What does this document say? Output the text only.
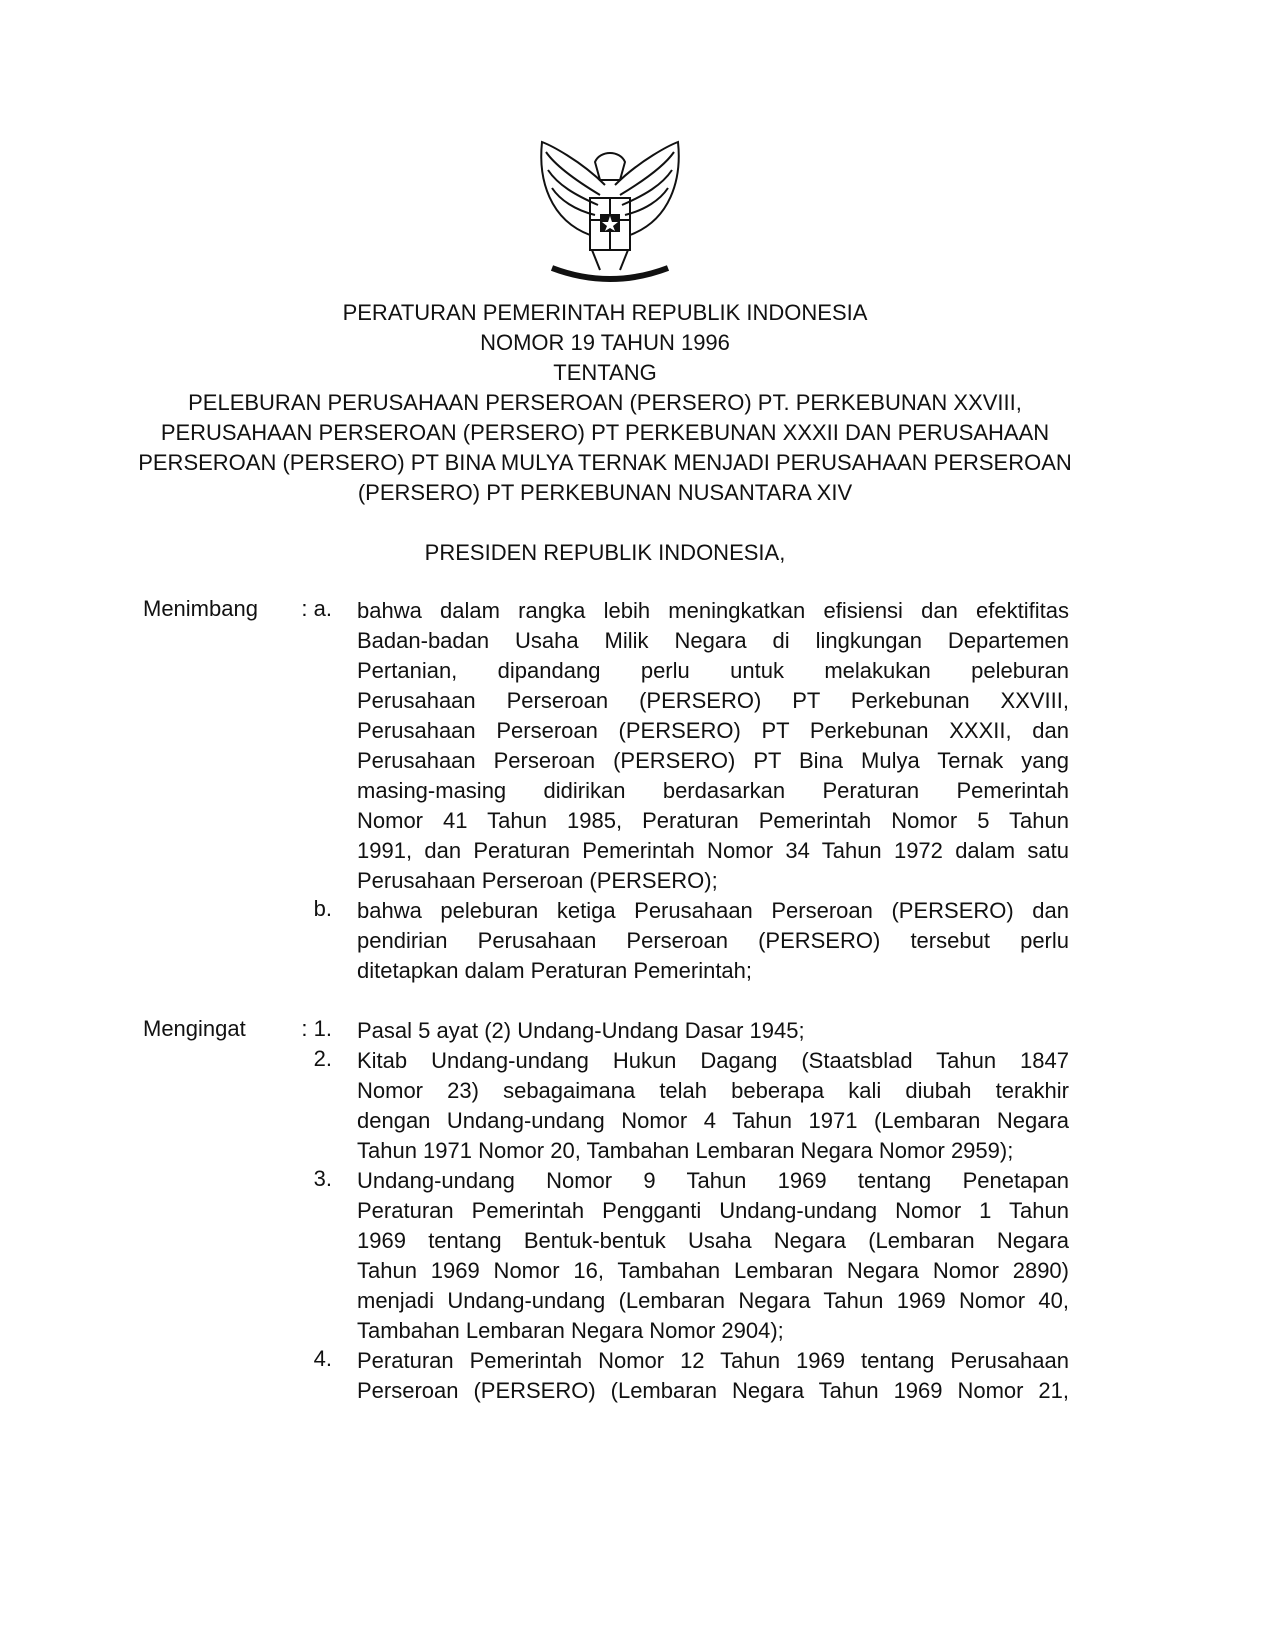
PERATURAN PEMERINTAH REPUBLIK INDONESIA
NOMOR 19 TAHUN 1996
TENTANG
PELEBURAN PERUSAHAAN PERSEROAN (PERSERO) PT. PERKEBUNAN XXVIII,
PERUSAHAAN PERSEROAN (PERSERO) PT PERKEBUNAN XXXII DAN PERUSAHAAN
PERSEROAN (PERSERO) PT BINA MULYA TERNAK MENJADI PERUSAHAAN PERSEROAN
(PERSERO) PT PERKEBUNAN NUSANTARA XIV
PRESIDEN REPUBLIK INDONESIA,
Menimbang	: a. bahwa dalam rangka lebih meningkatkan efisiensi dan efektifitas
Badan-badan Usaha Milik Negara di lingkungan Departemen
Pertanian, dipandang perlu untuk melakukan peleburan
Perusahaan Perseroan (PERSERO) PT Perkebunan XXVIII,
Perusahaan Perseroan (PERSERO) PT Perkebunan XXXII, dan
Perusahaan Perseroan (PERSERO) PT Bina Mulya Ternak yang
masing-masing didirikan berdasarkan Peraturan Pemerintah
Nomor 41 Tahun 1985, Peraturan Pemerintah Nomor 5 Tahun
1991, dan Peraturan Pemerintah Nomor 34 Tahun 1972 dalam satu
Perusahaan Perseroan (PERSERO);
b. bahwa peleburan ketiga Perusahaan Perseroan (PERSERO) dan
pendirian Perusahaan Perseroan (PERSERO) tersebut perlu
ditetapkan dalam Peraturan Pemerintah;
Mengingat	: 1. Pasal 5 ayat (2) Undang-Undang Dasar 1945;
2. Kitab Undang-undang Hukun Dagang (Staatsblad Tahun 1847
Nomor 23) sebagaimana telah beberapa kali diubah terakhir
dengan Undang-undang Nomor 4 Tahun 1971 (Lembaran Negara
Tahun 1971 Nomor 20, Tambahan Lembaran Negara Nomor 2959);
3. Undang-undang Nomor 9 Tahun 1969 tentang Penetapan
Peraturan Pemerintah Pengganti Undang-undang Nomor 1 Tahun
1969 tentang Bentuk-bentuk Usaha Negara (Lembaran Negara
Tahun 1969 Nomor 16, Tambahan Lembaran Negara Nomor 2890)
menjadi Undang-undang (Lembaran Negara Tahun 1969 Nomor 40,
Tambahan Lembaran Negara Nomor 2904);
4. Peraturan Pemerintah Nomor 12 Tahun 1969 tentang Perusahaan
Perseroan (PERSERO) (Lembaran Negara Tahun 1969 Nomor 21,
